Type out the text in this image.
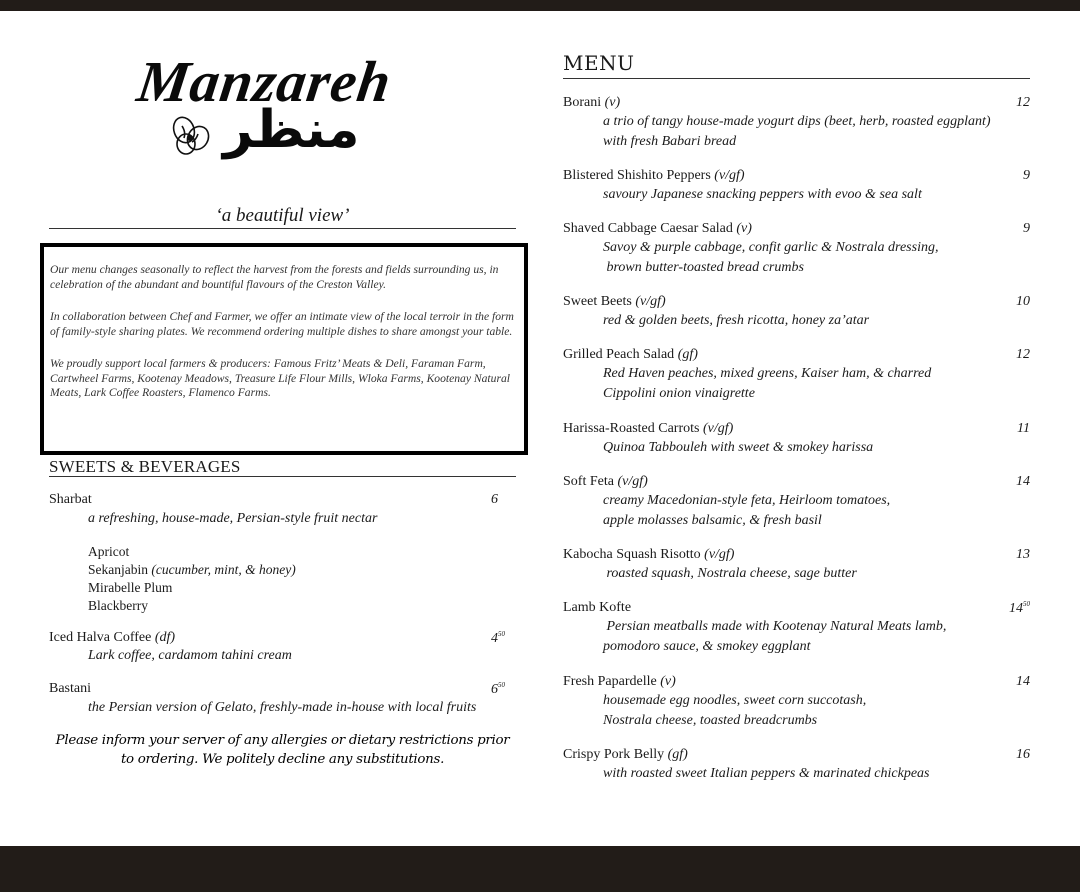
Manzareh
منظر
‘a beautiful view’

Our menu changes seasonally to reflect the harvest from the forests and fields surrounding us, in celebration of the abundant and bountiful flavours of the Creston Valley.

In collaboration between Chef and Farmer, we offer an intimate view of the local terroir in the form of family-style sharing plates. We recommend ordering multiple dishes to share amongst your table.

We proudly support local farmers & producers: Famous Fritz’ Meats & Deli, Faraman Farm, Cartwheel Farms, Kootenay Meadows, Treasure Life Flour Mills, Wloka Farms, Kootenay Natural Meats, Lark Coffee Roasters, Flamenco Farms.

SWEETS & BEVERAGES
Sharbat	6
a refreshing, house-made, Persian-style fruit nectar
Apricot
Sekanjabin (cucumber, mint, & honey)
Mirabelle Plum
Blackberry
Iced Halva Coffee (df)	$4^{50}$
Lark coffee, cardamom tahini cream
Bastani	$6^{50}$
the Persian version of Gelato, freshly-made in-house with local fruits
Please inform your server of any allergies or dietary restrictions prior to ordering. We politely decline any substitutions.
MENU
Borani (v)	12
a trio of tangy house-made yogurt dips (beet, herb, roasted eggplant)
with fresh Babari bread
Blistered Shishito Peppers (v/gf)	9
savoury Japanese snacking peppers with evoo & sea salt
Shaved Cabbage Caesar Salad (v)	9
Savoy & purple cabbage, confit garlic & Nostrala dressing,
brown butter-toasted bread crumbs
Sweet Beets (v/gf)	10
red & golden beets, fresh ricotta, honey za’atar
Grilled Peach Salad (gf)	12
Red Haven peaches, mixed greens, Kaiser ham, & charred
Cippolini onion vinaigrette
Harissa-Roasted Carrots (v/gf)	11
Quinoa Tabbouleh with sweet & smokey harissa
Soft Feta (v/gf)	14
creamy Macedonian-style feta, Heirloom tomatoes,
apple molasses balsamic, & fresh basil
Kabocha Squash Risotto (v/gf)	13
roasted squash, Nostrala cheese, sage butter
Lamb Kofte	$14^{50}$
Persian meatballs made with Kootenay Natural Meats lamb,
pomodoro sauce, & smokey eggplant
Fresh Papardelle (v)	14
housemade egg noodles, sweet corn succotash,
Nostrala cheese, toasted breadcrumbs
Crispy Pork Belly (gf)	16
with roasted sweet Italian peppers & marinated chickpeas
